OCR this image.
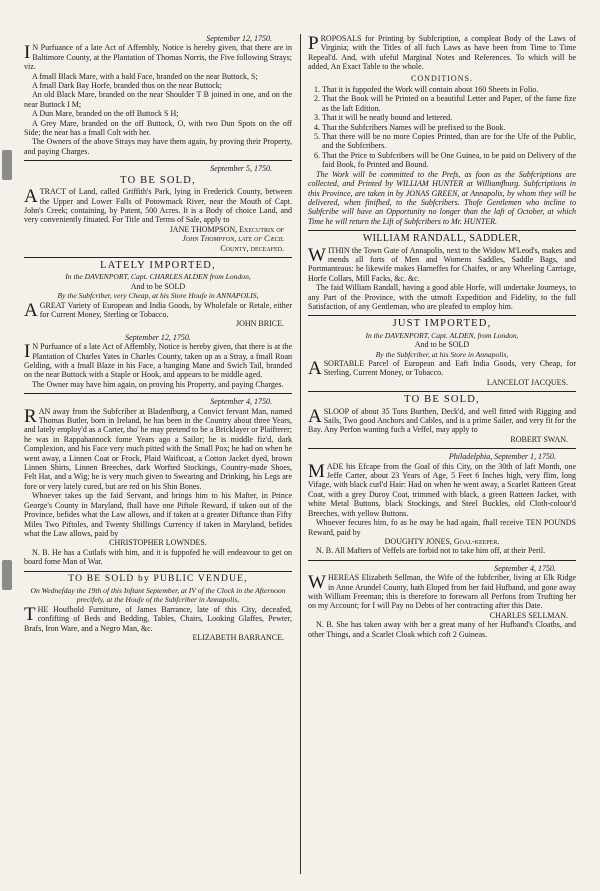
September 12, 1750.

I N Purfuance of a late Act of Affembly, Notice is hereby given, that there are in Baltimore County, at the Plantation of Thomas Norris, the Five following Strays; viz.

A fmall Black Mare, with a bald Face, branded on the near Buttock, S;

A fmall Dark Bay Horfe, branded thus on the near Buttock;

An old Black Mare, branded on the near Shoulder T B joined in one, and on the near Buttock I M;

A Dun Mare, branded on the off Buttock S H;

A Grey Mare, branded on the off Buttock, O, with two Dun Spots on the off Side; the near has a fmall Colt with her.

The Owners of the above Strays may have them again, by proving their Property, and paying Charges.

September 5, 1750.
TO BE SOLD,

ATRACT of Land, called Griffith's Park, lying in Frederick County, between the Upper and Lower Falls of Potowmack River, near the Mouth of Capt. John's Creek; containing, by Patent, 500 Acres. It is a Body of choice Land, and very conveniently fituated. For Title and Terms of Sale, apply to

JANE THOMPSON, Executrix of
John Thompfon, late of Cæcil
County, deceafed.
LATELY IMPORTED,
In the DAVENPORT, Capt. CHARLES ALDEN from London,
And to be SOLD
By the Subfcriber, very Cheap, at his Store Houfe in ANNAPOLIS,

AGREAT Variety of European and India Goods, by Wholefale or Retale, either for Current Money, Sterling or Tobacco.

JOHN BRICE.
September 12, 1750.

I N Purfuance of a late Act of Affembly, Notice is hereby given, that there is at the Plantation of Charles Yates in Charles County, taken up as a Stray, a fmall Roan Gelding, with a fmall Blaze in his Face, a hanging Mane and Swich Tail, branded on the near Buttock with a Staple or Hook, and appears to be middle aged.

The Owner may have him again, on proving his Property, and paying Charges.

September 4, 1750.

RAN away from the Subfcriber at Bladenfburg, a Convict fervant Man, named Thomas Butler, born in Ireland, he has been in the Country about three Years, and lately employ'd as a Carter, tho' he may pretend to be a Bricklayer or Plaifterer; he was in Rappahannock fome Years ago a Sailor; he is middle fiz'd, dark Complexion, and his Face very much pitted with the Small Pox; he had on when he went away, a Linnen Coat or Frock, Plaid Waiftcoat, a Cotton Jacket dyed, brown Linnen Shirts, Linnen Breeches, dark Worfted Stockings, Country-made Shoes, Felt Hat, and a Wig; he is very much given to Swearing and Drinking, his Legs are fore or very lately cured, but are red on his Shin Bones.

Whoever takes up the faid Servant, and brings him to his Mafter, in Prince George's County in Maryland, fhall have one Piftole Reward, if taken out of the Province, befides what the Law allows, and if taken at a greater Diftance than Fifty Miles Two Piftoles, and Twenty Shillings Currency if taken in Maryland, befides what the Law allows, paid by

CHRISTOPHER LOWNDES.

N. B. He has a Cutlafs with him, and it is fuppofed he will endeavour to get on board fome Man of War.

TO BE SOLD by PUBLIC VENDUE,
On Wednefday the 19th of this Inftant September, at IV of the Clock in the Afternoon precifely, at the Houfe of the Subfcriber in Annapolis,

THE Houfhold Furniture, of James Barrance, late of this City, deceafed, confifting of Beds and Bedding, Tables, Chairs, Looking Glaffes, Pewter, Brafs, Iron Ware, and a Negro Man, &c.

ELIZABETH BARRANCE.

PROPOSALS for Printing by Subfcription, a compleat Body of the Laws of Virginia; with the Titles of all fuch Laws as have been from Time to Time Repeal'd. And, with ufeful Marginal Notes and References. To which will be added, An Exact Table to the whole.

CONDITIONS.
1. That it is fuppofed the Work will contain about 160 Sheets in Folio.
2. That the Book will be Printed on a beautiful Letter and Paper, of the fame fize as the laft Edition.
3. That it will be neatly bound and lettered.
4. That the Subfcribers Names will be prefixed to the Book.
5. That there will be no more Copies Printed, than are for the Ufe of the Public, and the Subfcribers.
6. That the Price to Subfcribers will be One Guinea, to be paid on Delivery of the faid Book, fo Printed and Bound.

The Work will be committed to the Prefs, as foon as the Subfcriptions are collected, and Printed by WILLIAM HUNTER at Williamfburg. Subfcriptions in this Province, are taken in by JONAS GREEN, at Annapolis, by whom they will be delivered, when finifhed, to the Subfcribers. Thofe Gentlemen who incline to Subfcribe will have an Opportunity no longer than the laft of October, at which Time he will return the Lift of Subfcribers to Mr. HUNTER.

WILLIAM RANDALL, SADDLER,

WITHIN the Town Gate of Annapolis, next to the Widow M'Leod's, makes and mends all forts of Men and Womens Saddles, Saddle Bags, and Portmanteaus: he likewife makes Harneffes for Chaifes, or any Wheeling Carriage, Horfe Collars, Mill Facks, &c. &c.

The faid William Randall, having a good able Horfe, will undertake Journeys, to any Part of the Province, with the utmoft Expedition and Fidelity, to the full Satisfaction, of any Gentleman, who are pleafed to employ him.

JUST IMPORTED,
In the DAVENPORT, Capt. ALDEN, from London,
And to be SOLD
By the Subfcriber, at his Store in Annapolis,

ASORTABLE Parcel of European and Eaft India Goods, very Cheap, for Sterling, Current Money, or Tobacco.

LANCELOT JACQUES.
TO BE SOLD,

ASLOOP of about 35 Tons Burthen, Deck'd, and well fitted with Rigging and Sails, Two good Anchors and Cables, and is a prime Sailer, and very fit for the Bay. Any Perfon wanting fuch a Veffel, may apply to

ROBERT SWAN.
Philadelphia, September 1, 1750.

MADE his Efcape from the Goal of this City, on the 30th of laft Month, one Jeffe Carter, about 23 Years of Age, 5 Feet 6 Inches high, very flim, long Vifage, with black curl'd Hair: Had on when he went away, a Scarlet Ratteen Great Coat, with a grey Duroy Coat, trimmed with black, a green Ratteen Jacket, with white Metal Buttons, black Stockings, and Steel Buckles, old Cloth-colour'd Breeches, with yellow Buttons.

Whoever fecures him, fo as he may be had again, fhall receive TEN POUNDS Reward, paid by

DOUGHTY JONES, Goal-keeper.

N. B. All Mafters of Veffels are forbid not to take him off, at their Peril.

September 4, 1750.

WHEREAS Elizabeth Sellman, the Wife of the fubfcriber, living at Elk Ridge in Anne Arundel County, hath Eloped from her faid Hufband, and gone away with William Freeman; this is therefore to forewarn all Perfons from Trufting her on my Account; for I will Pay no Debts of her contracting after this Date.

CHARLES SELLMAN.

N. B. She has taken away with her a great many of her Hufband's Cloaths, and other Things, and a Scarlet Cloak which coft 2 Guineas.
